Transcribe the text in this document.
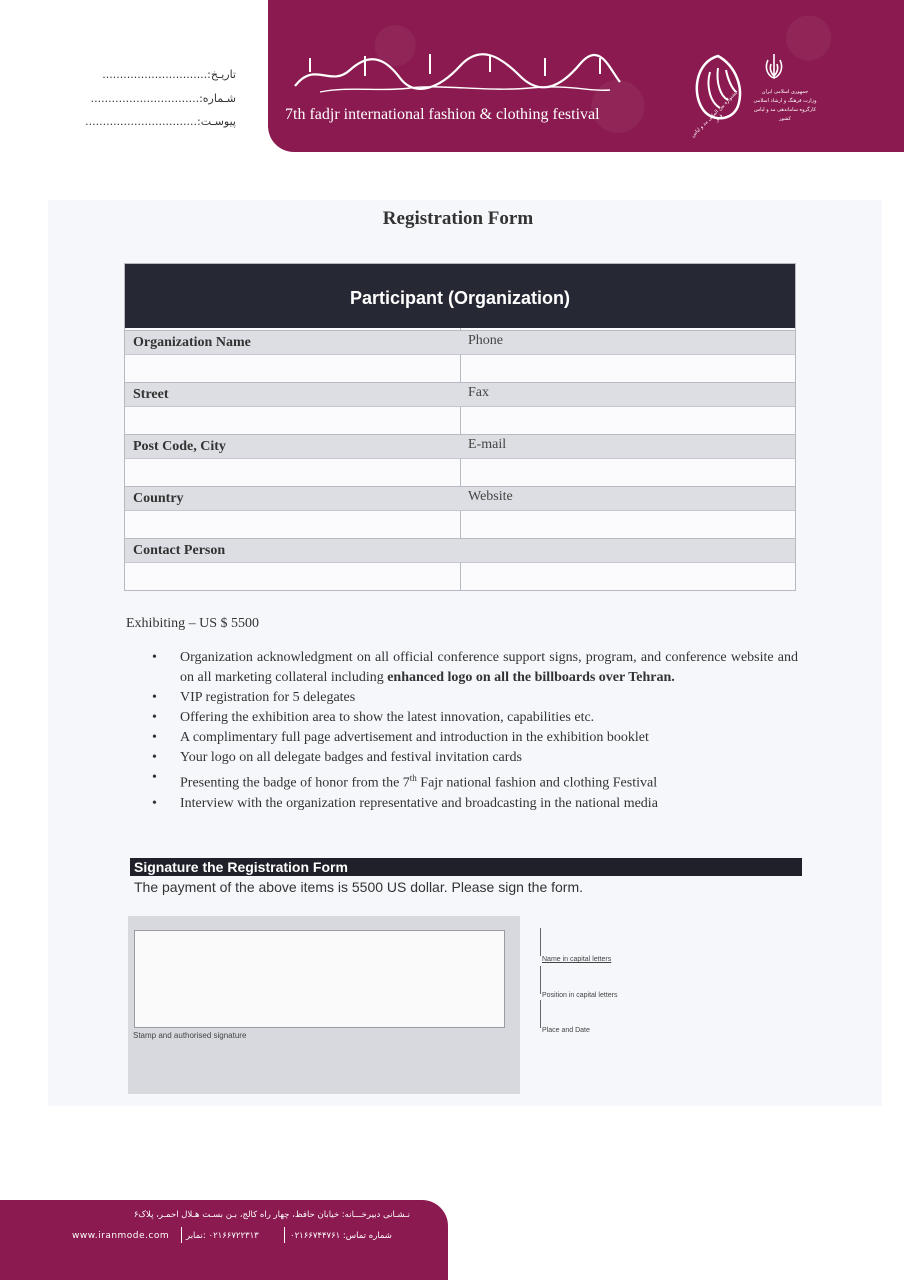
7th fadjr international fashion & clothing festival	جشنواره بین المللی مد و لباس فجر
جمهوری اسلامی ایران
وزارت فرهنگ و ارشاد اسلامی
کارگروه ساماندهی مد و لباس کشور
تاریـخ:..............................
شـماره:...............................
پیوسـت:................................
Registration Form
Participant (Organization)
Organization Name	Phone
Street	Fax
Post Code, City	E-mail
Country	Website
Contact Person
Exhibiting – US $ 5500
• Organization acknowledgment on all official conference support signs, program, and conference website and on all marketing collateral including enhanced logo on all the billboards over Tehran.
• VIP registration for 5 delegates
• Offering the exhibition area to show the latest innovation, capabilities etc.
• A complimentary full page advertisement and introduction in the exhibition booklet
• Your logo on all delegate badges and festival invitation cards
• Presenting the badge of honor from the 7th Fajr national fashion and clothing Festival
• Interview with the organization representative and broadcasting in the national media
Signature the Registration Form
The payment of the above items is 5500 US dollar. Please sign the form.
Stamp and authorised signature
Name in capital letters
Position in capital letters
Place and Date
نـشـانی دبیرخـــانه: خیابان حافظ، چهار راه کالج، بـن بسـت هـلال احمـر، پلاک۶
www.iranmode.com ۰۲۱۶۶۷۲۲۳۱۳ :نمابر	شماره تماس: ۰۲۱۶۶۷۴۴۷۶۱
